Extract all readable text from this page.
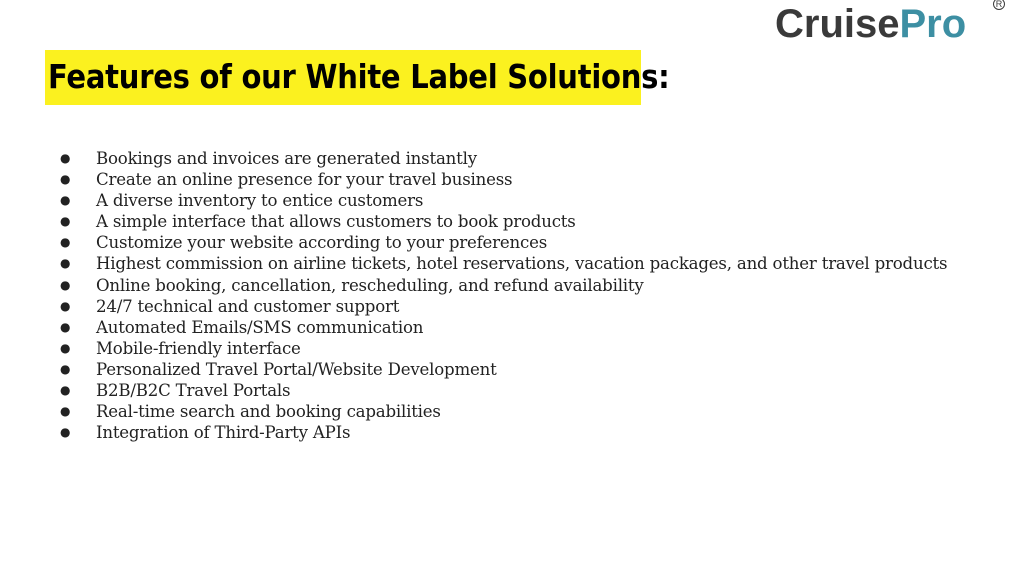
CruisePro	R
Features of our White Label Solutions:
● Bookings and invoices are generated instantly
● Create an online presence for your travel business
● A diverse inventory to entice customers
● A simple interface that allows customers to book products
● Customize your website according to your preferences
● Highest commission on airline tickets, hotel reservations, vacation packages, and other travel products
● Online booking, cancellation, rescheduling, and refund availability
● 24/7 technical and customer support
● Automated Emails/SMS communication
● Mobile-friendly interface
● Personalized Travel Portal/Website Development
● B2B/B2C Travel Portals
● Real-time search and booking capabilities
● Integration of Third-Party APIs
